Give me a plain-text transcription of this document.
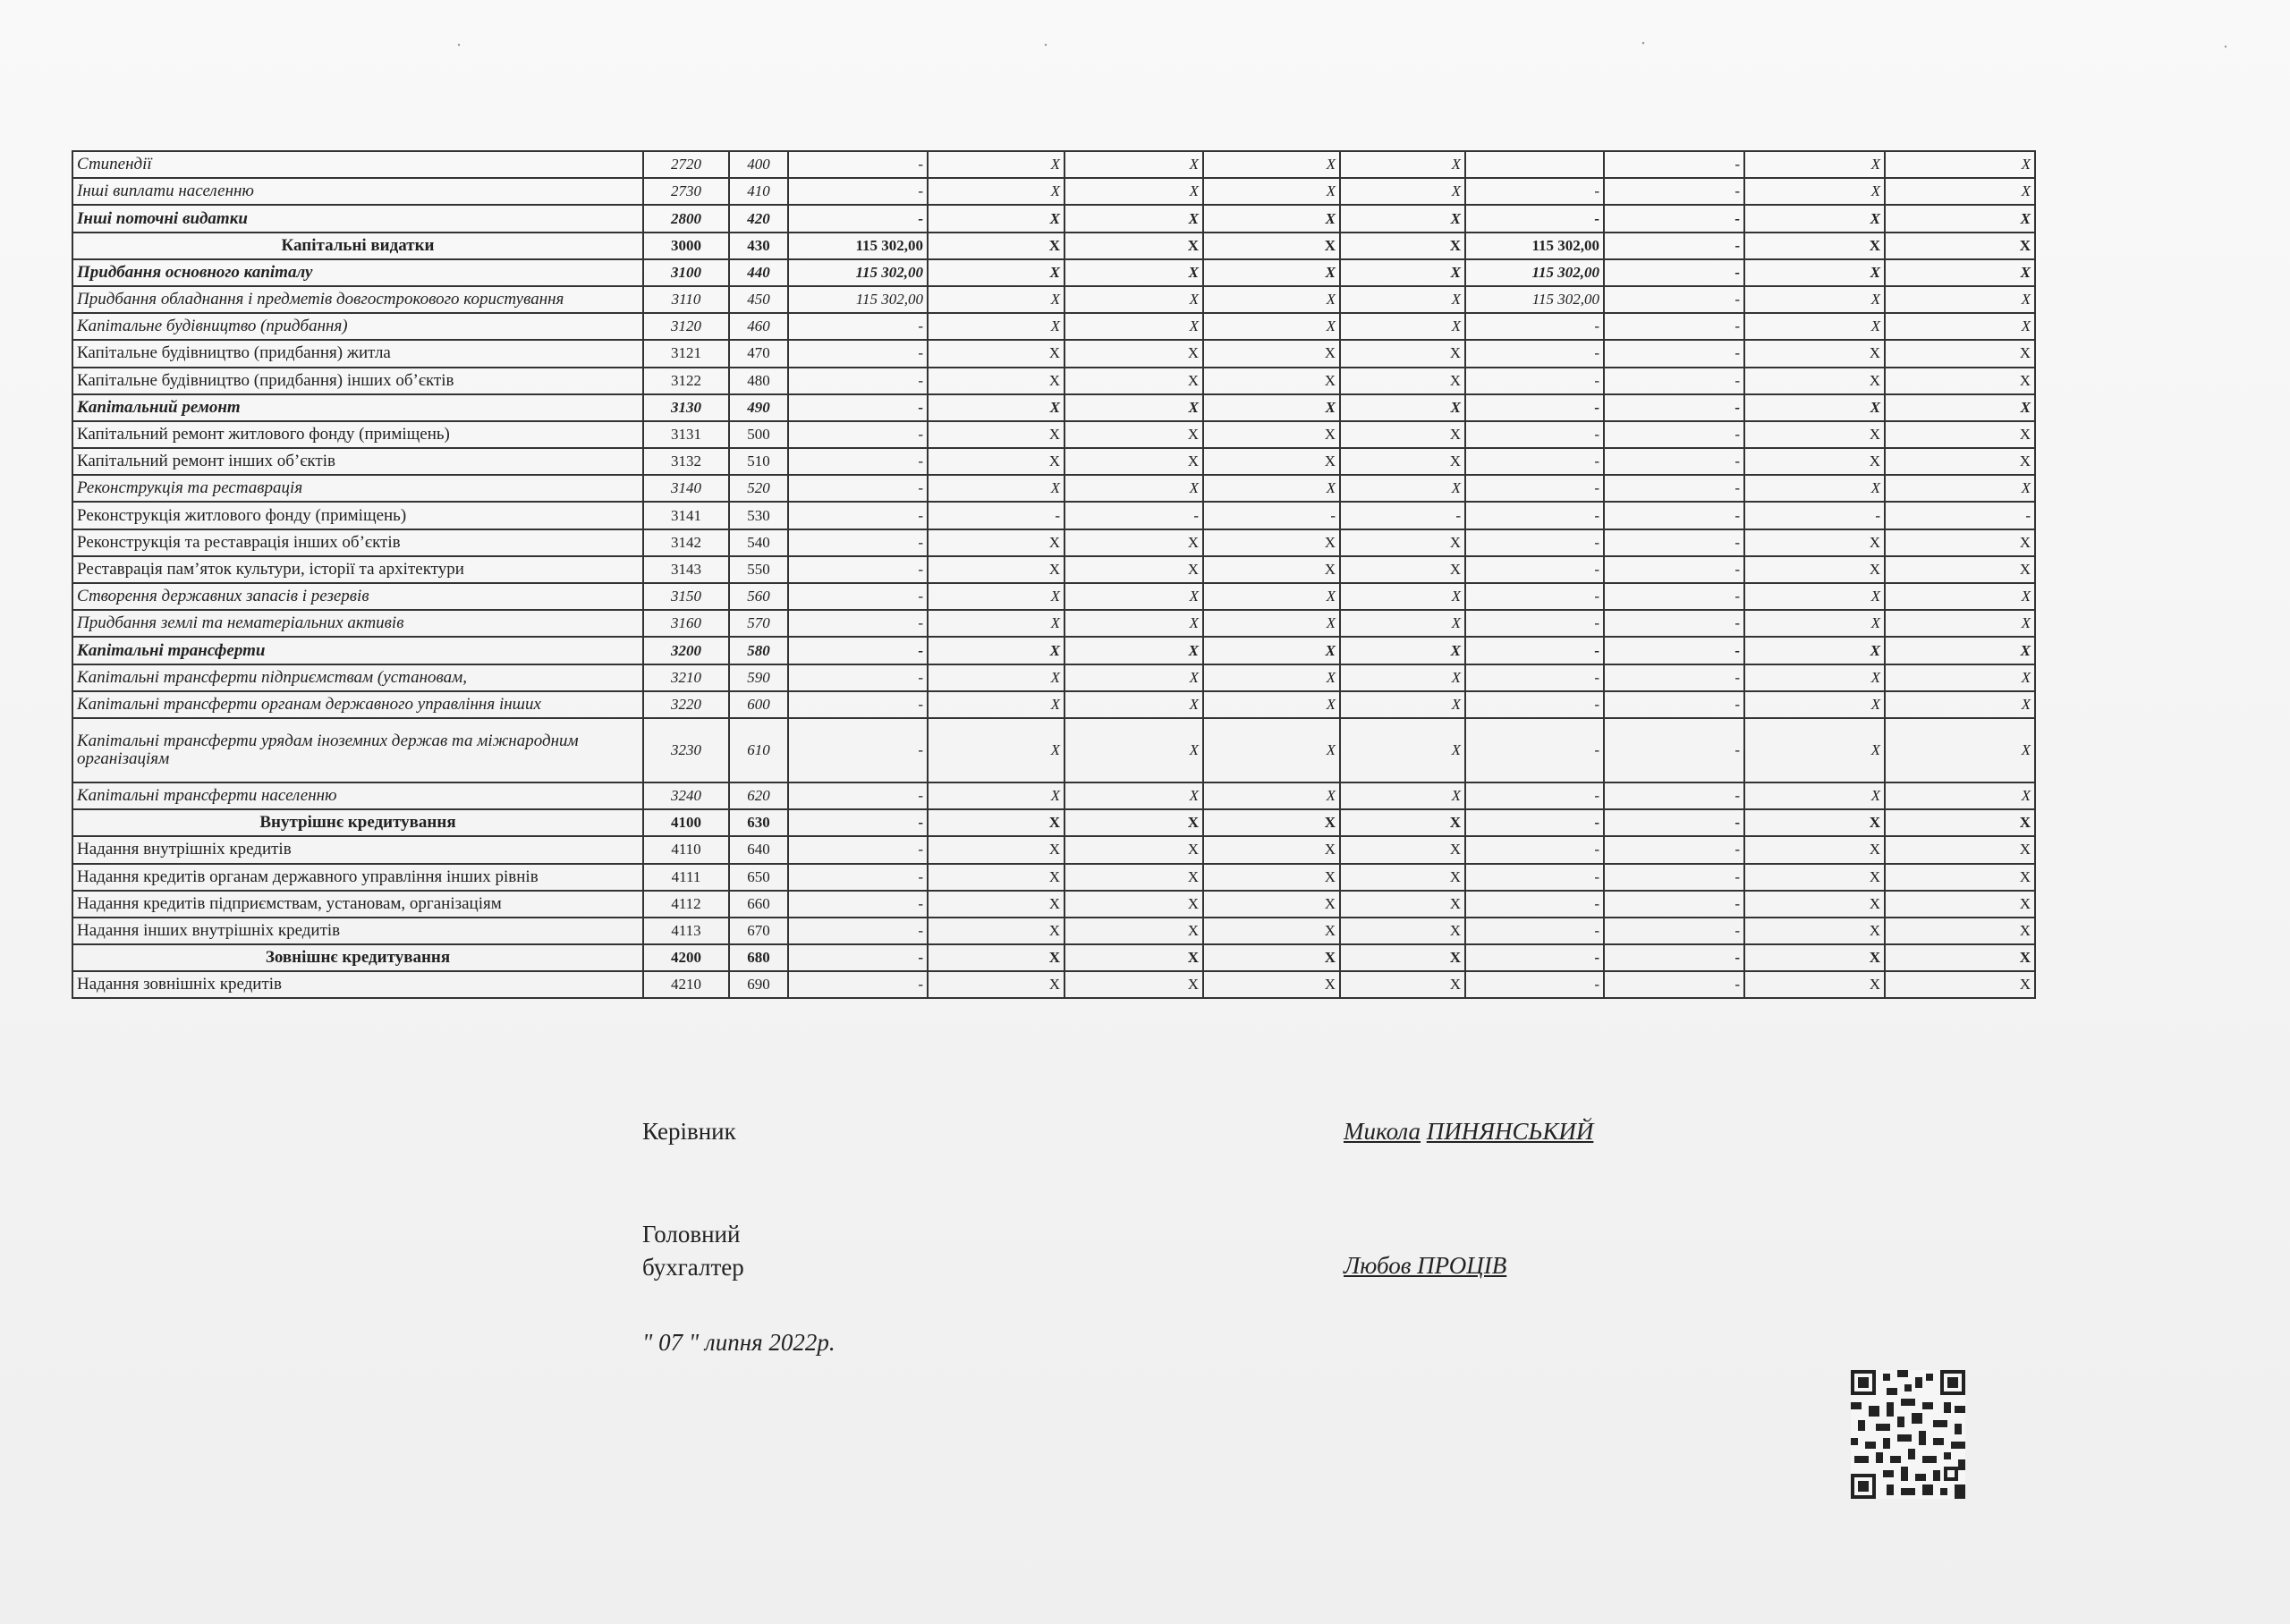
⸼	⸼	⸼	⸼
Стипендії	2720	400	-	X	X	X	X		-	X	X
Інші виплати населенню	2730	410	-	X	X	X	X	-	-	X	X
Інші поточні видатки	2800	420	-	X	X	X	X	-	-	X	X
Капітальні видатки	3000	430	115 302,00	X	X	X	X	115 302,00	-	X	X
Придбання основного капіталу	3100	440	115 302,00	X	X	X	X	115 302,00	-	X	X
Придбання обладнання і предметів довгострокового користування	3110	450	115 302,00	X	X	X	X	115 302,00	-	X	X
Капітальне будівництво (придбання)	3120	460	-	X	X	X	X	-	-	X	X
Капітальне будівництво (придбання) житла	3121	470	-	X	X	X	X	-	-	X	X
Капітальне будівництво (придбання) інших об’єктів	3122	480	-	X	X	X	X	-	-	X	X
Капітальний ремонт	3130	490	-	X	X	X	X	-	-	X	X
Капітальний ремонт житлового фонду (приміщень)	3131	500	-	X	X	X	X	-	-	X	X
Капітальний ремонт інших об’єктів	3132	510	-	X	X	X	X	-	-	X	X
Реконструкція та реставрація	3140	520	-	X	X	X	X	-	-	X	X
Реконструкція житлового фонду (приміщень)	3141	530	-	-	-	-	-	-	-	-	-
Реконструкція та реставрація інших об’єктів	3142	540	-	X	X	X	X	-	-	X	X
Реставрація пам’яток культури, історії та архітектури	3143	550	-	X	X	X	X	-	-	X	X
Створення державних запасів і резервів	3150	560	-	X	X	X	X	-	-	X	X
Придбання землі та нематеріальних активів	3160	570	-	X	X	X	X	-	-	X	X
Капітальні трансферти	3200	580	-	X	X	X	X	-	-	X	X
Капітальні трансферти підприємствам (установам,	3210	590	-	X	X	X	X	-	-	X	X
Капітальні трансферти органам державного управління інших	3220	600	-	X	X	X	X	-	-	X	X
Капітальні трансферти урядам іноземних держав та міжнародним організаціям	3230	610	-	X	X	X	X	-	-	X	X
Капітальні трансферти населенню	3240	620	-	X	X	X	X	-	-	X	X
Внутрішнє кредитування	4100	630	-	X	X	X	X	-	-	X	X
Надання внутрішніх кредитів	4110	640	-	X	X	X	X	-	-	X	X
Надання кредитів органам державного управління інших рівнів	4111	650	-	X	X	X	X	-	-	X	X
Надання кредитів підприємствам, установам, організаціям	4112	660	-	X	X	X	X	-	-	X	X
Надання інших внутрішніх кредитів	4113	670	-	X	X	X	X	-	-	X	X
Зовнішнє кредитування	4200	680	-	X	X	X	X	-	-	X	X
Надання зовнішніх кредитів	4210	690	-	X	X	X	X	-	-	X	X
Керівник	Микола ПИНЯНСЬКИЙ
Головний
бухгалтер	Любов ПРОЦІВ
" 07 " липня 2022р.
